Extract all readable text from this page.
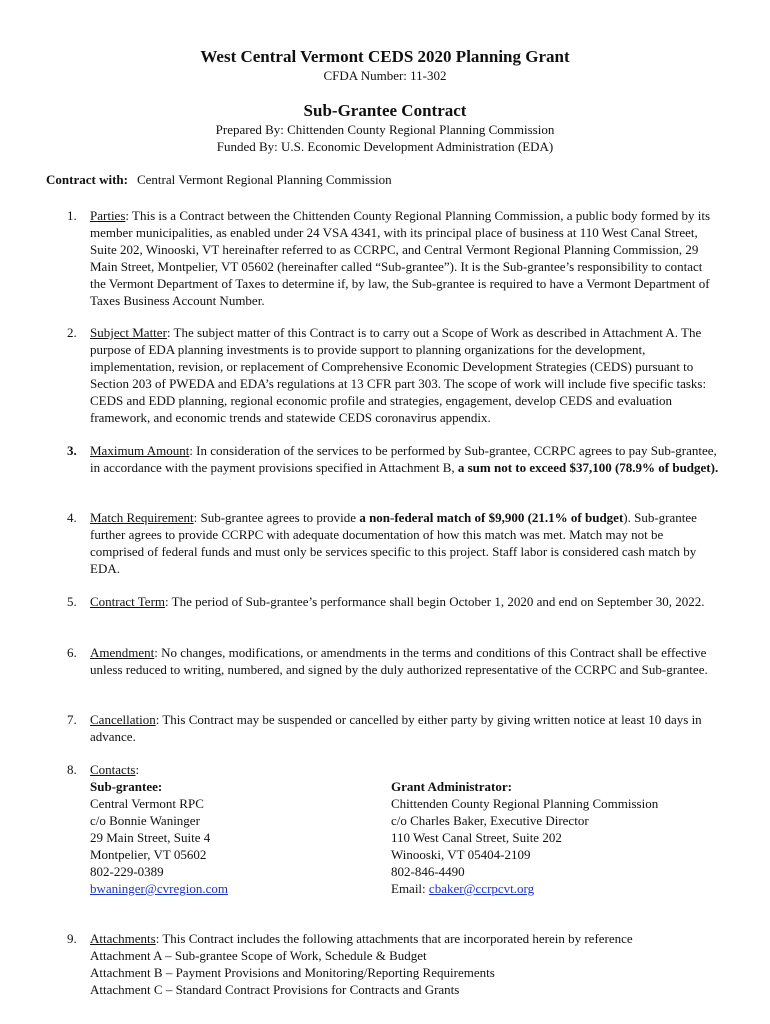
West Central Vermont CEDS 2020 Planning Grant
CFDA Number: 11-302
Sub-Grantee Contract
Prepared By: Chittenden County Regional Planning Commission
Funded By: U.S. Economic Development Administration (EDA)
Contract with: Central Vermont Regional Planning Commission
1. Parties: This is a Contract between the Chittenden County Regional Planning Commission, a public body formed by its member municipalities, as enabled under 24 VSA 4341, with its principal place of business at 110 West Canal Street, Suite 202, Winooski, VT hereinafter referred to as CCRPC, and Central Vermont Regional Planning Commission, 29 Main Street, Montpelier, VT 05602 (hereinafter called “Sub-grantee”). It is the Sub-grantee’s responsibility to contact the Vermont Department of Taxes to determine if, by law, the Sub-grantee is required to have a Vermont Department of Taxes Business Account Number.
2. Subject Matter: The subject matter of this Contract is to carry out a Scope of Work as described in Attachment A. The purpose of EDA planning investments is to provide support to planning organizations for the development, implementation, revision, or replacement of Comprehensive Economic Development Strategies (CEDS) pursuant to Section 203 of PWEDA and EDA’s regulations at 13 CFR part 303. The scope of work will include five specific tasks: CEDS and EDD planning, regional economic profile and strategies, engagement, develop CEDS and evaluation framework, and economic trends and statewide CEDS coronavirus appendix.
3. Maximum Amount: In consideration of the services to be performed by Sub-grantee, CCRPC agrees to pay Sub-grantee, in accordance with the payment provisions specified in Attachment B, a sum not to exceed $37,100 (78.9% of budget).
4. Match Requirement: Sub-grantee agrees to provide a non-federal match of $9,900 (21.1% of budget). Sub-grantee further agrees to provide CCRPC with adequate documentation of how this match was met. Match may not be comprised of federal funds and must only be services specific to this project. Staff labor is considered cash match by EDA.
5. Contract Term: The period of Sub-grantee’s performance shall begin October 1, 2020 and end on September 30, 2022.
6. Amendment: No changes, modifications, or amendments in the terms and conditions of this Contract shall be effective unless reduced to writing, numbered, and signed by the duly authorized representative of the CCRPC and Sub-grantee.
7. Cancellation: This Contract may be suspended or cancelled by either party by giving written notice at least 10 days in advance.
8. Contacts:
Sub-grantee:
Central Vermont RPC
c/o Bonnie Waninger
29 Main Street, Suite 4
Montpelier, VT 05602
802-229-0389
bwaninger@cvregion.com
Grant Administrator:
Chittenden County Regional Planning Commission
c/o Charles Baker, Executive Director
110 West Canal Street, Suite 202
Winooski, VT 05404-2109
802-846-4490
Email: cbaker@ccrpcvt.org
9. Attachments: This Contract includes the following attachments that are incorporated herein by reference
Attachment A – Sub-grantee Scope of Work, Schedule & Budget
Attachment B – Payment Provisions and Monitoring/Reporting Requirements
Attachment C – Standard Contract Provisions for Contracts and Grants
